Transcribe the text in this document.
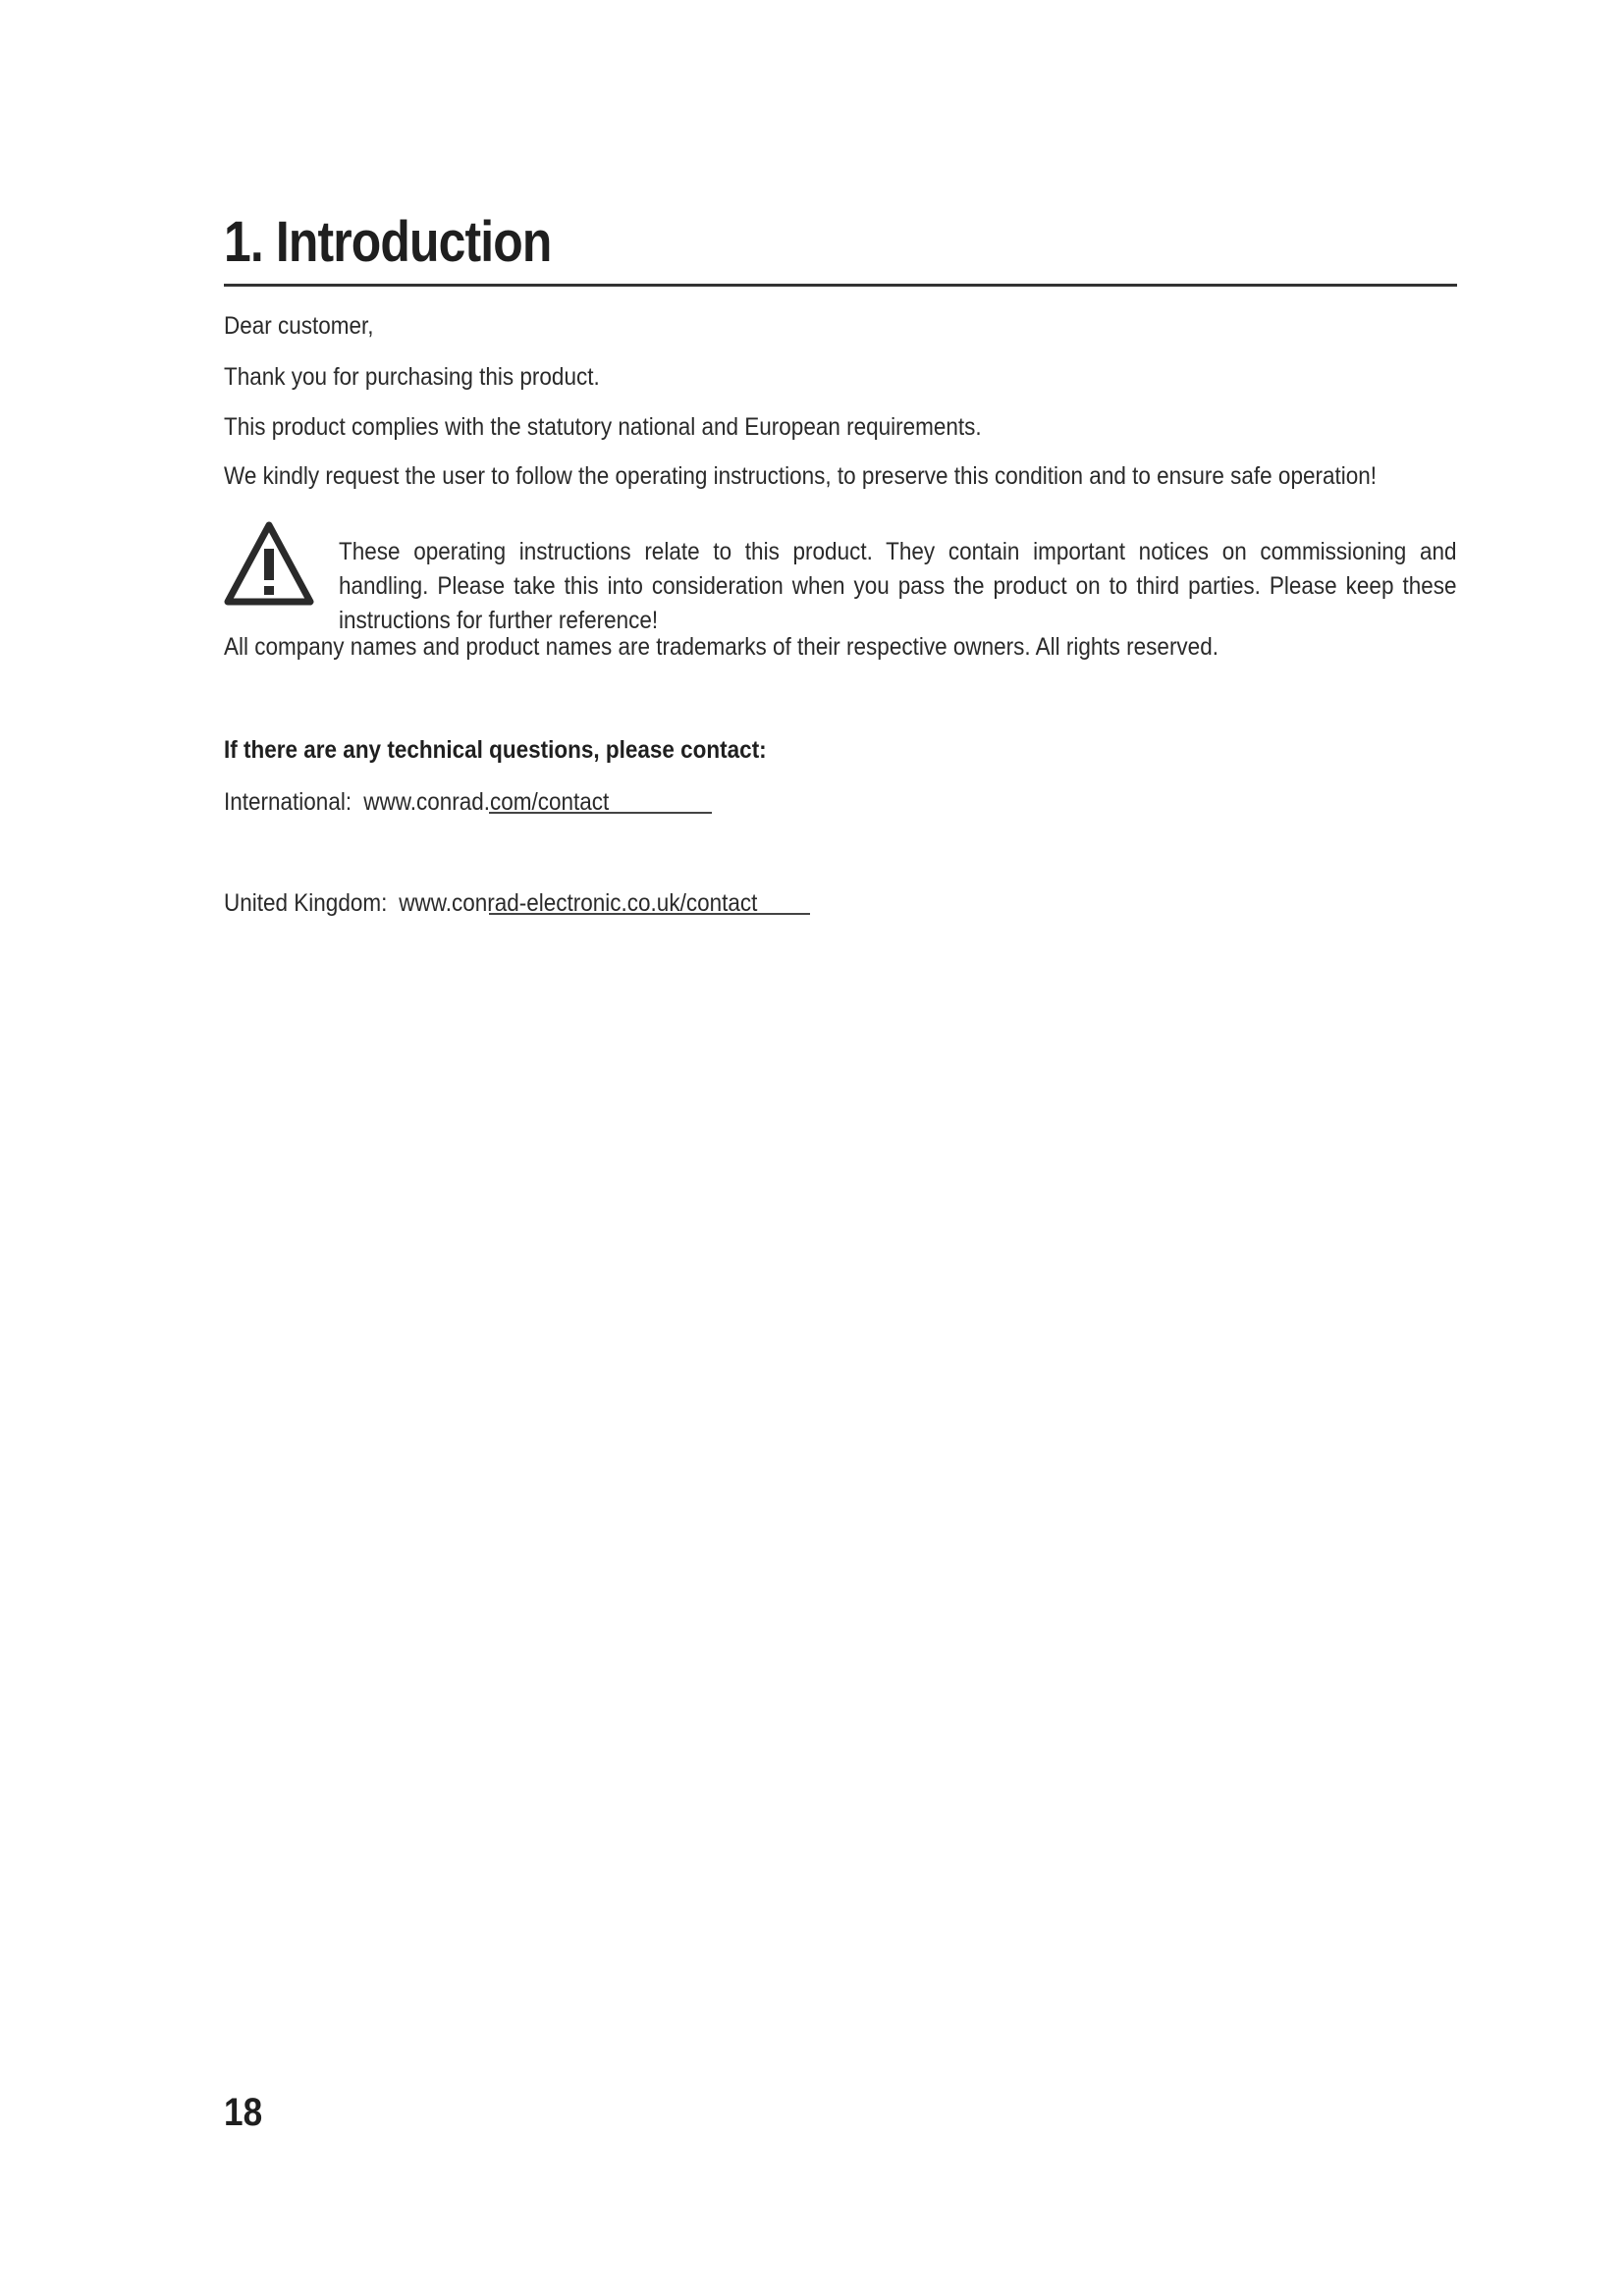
1. Introduction

Dear customer,

Thank you for purchasing this product.

This product complies with the statutory national and European requirements.

We kindly request the user to follow the operating instructions, to preserve this condition and to ensure safe operation!

These operating instructions relate to this product. They contain important notices on commissioning and handling. Please take this into consideration when you pass the product on to third parties. Please keep these instructions for further reference!

All company names and product names are trademarks of their respective owners. All rights reserved.

If there are any technical questions, please contact:

International: www.conrad.com/contact
United Kingdom: www.conrad-electronic.co.uk/contact

18
